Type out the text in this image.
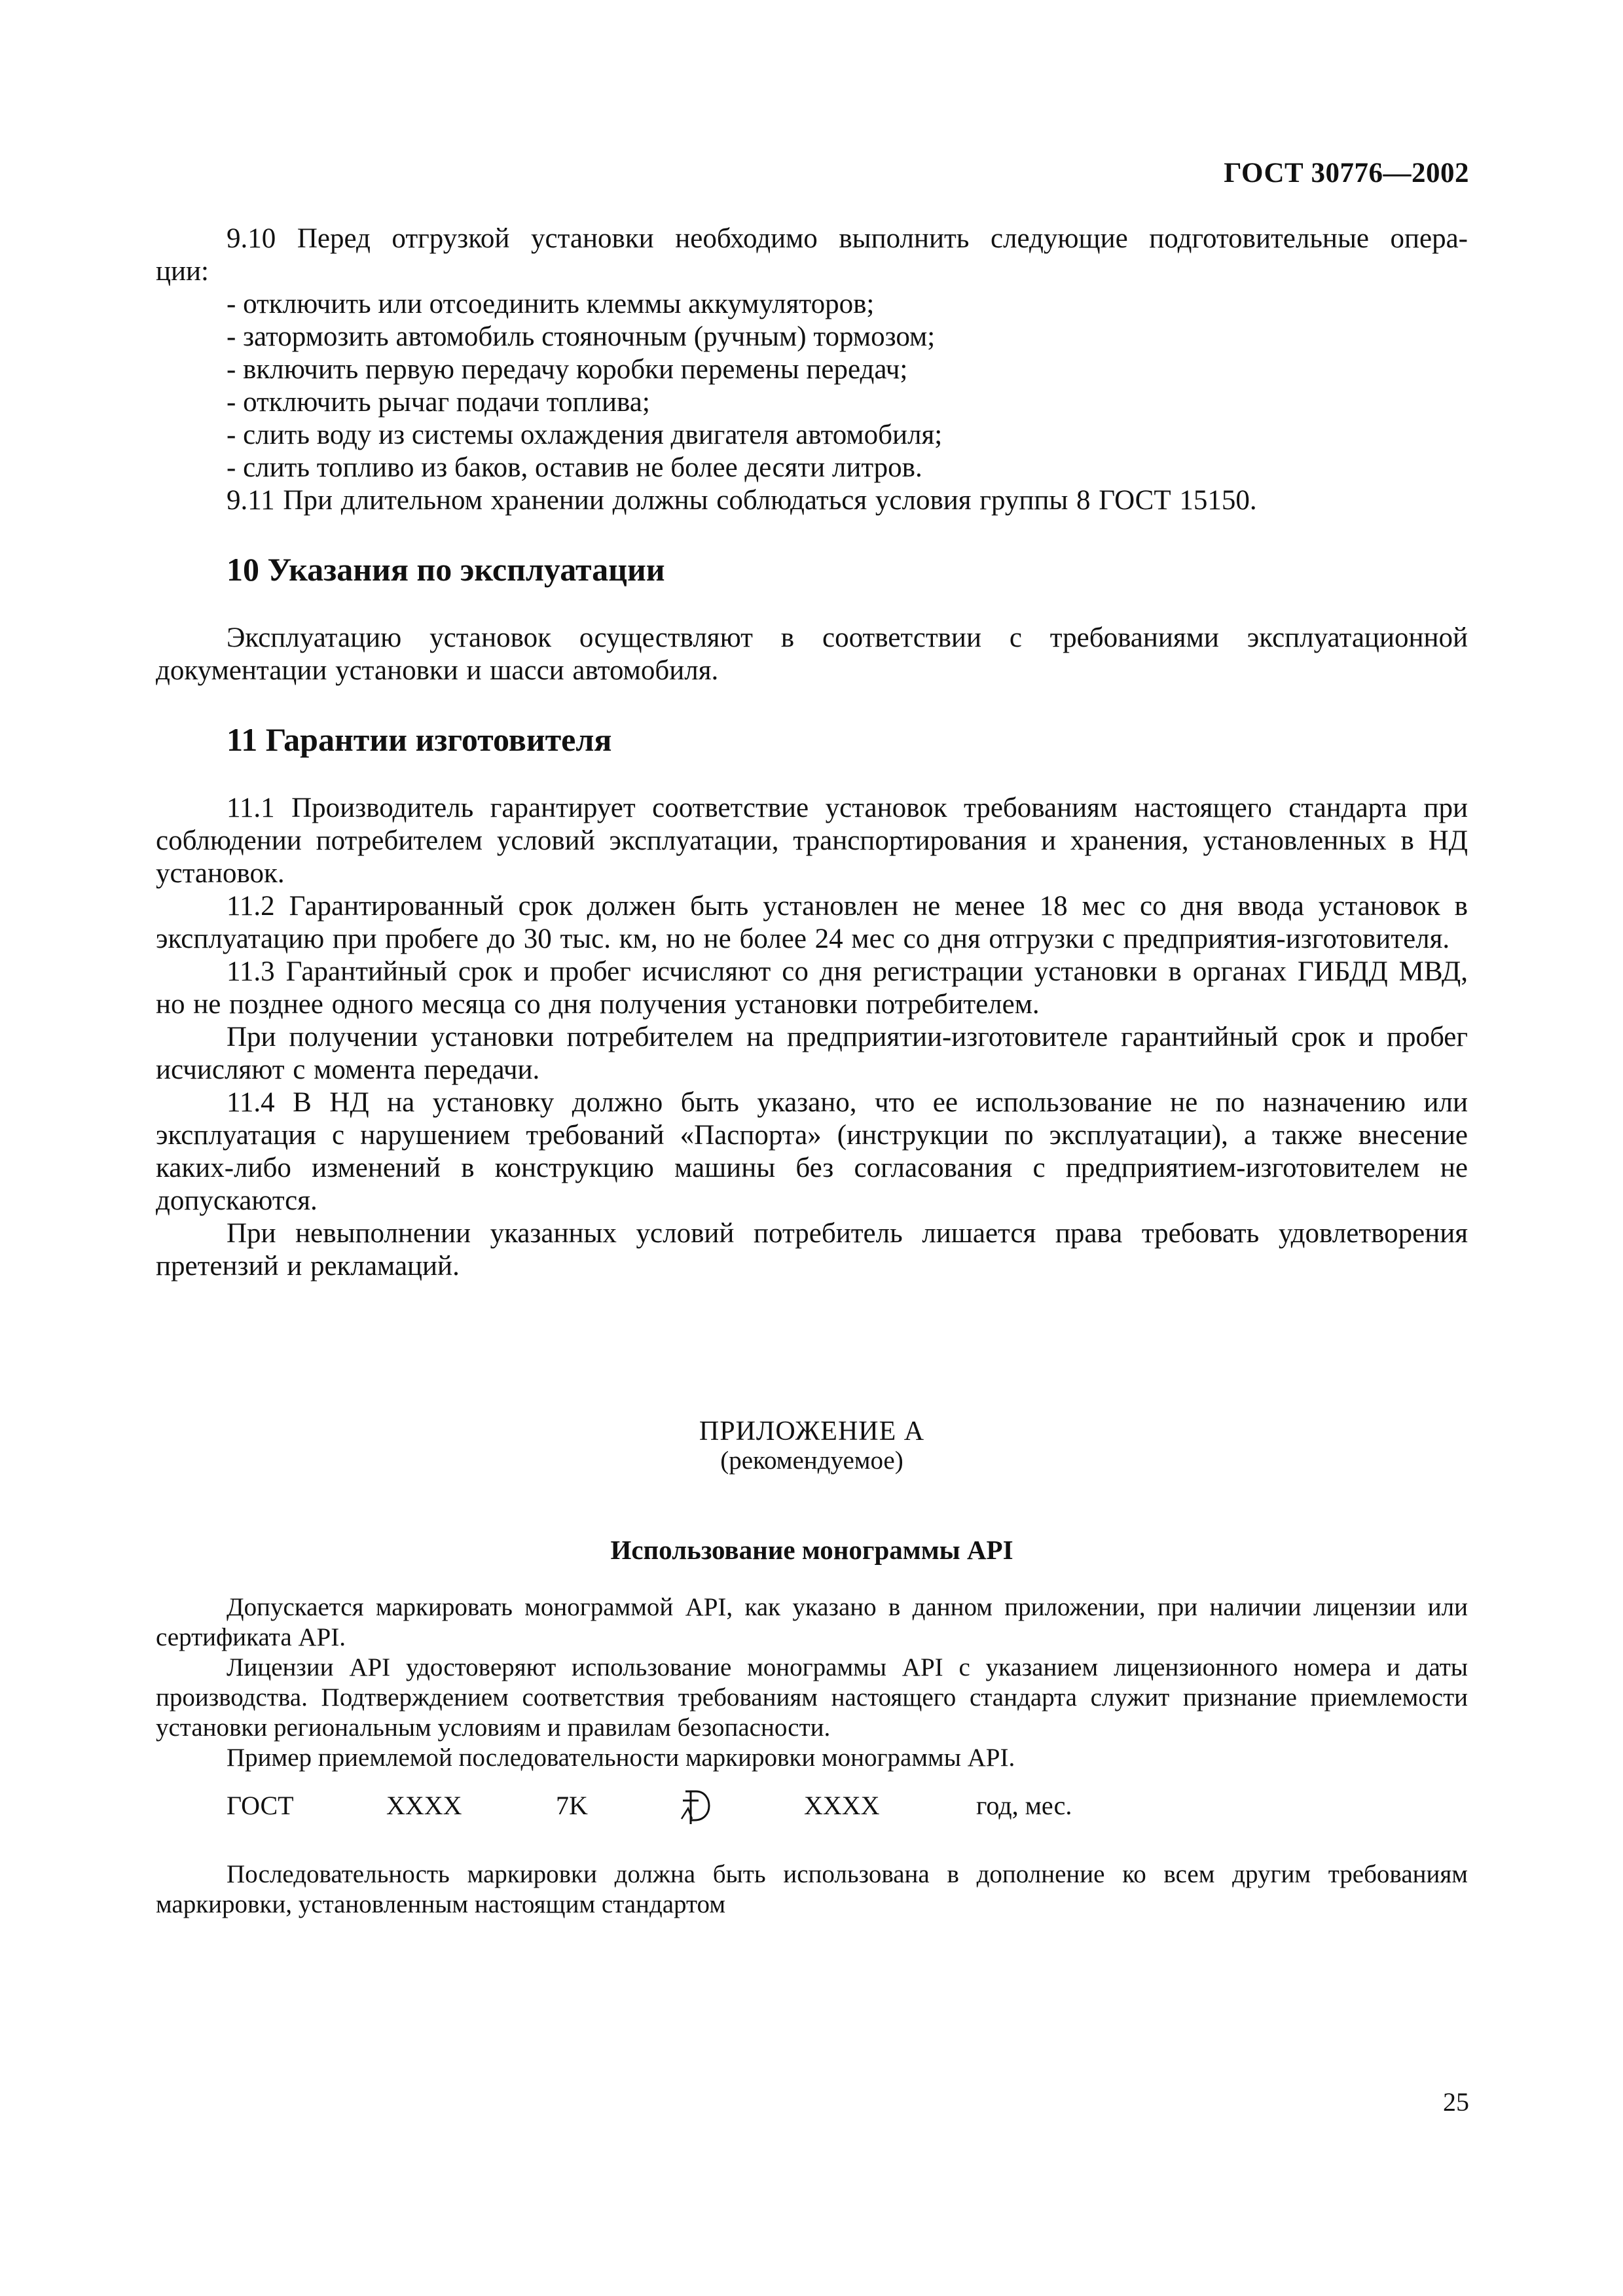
ГОСТ 30776—2002

9.10 Перед отгрузкой установки необходимо выполнить следующие подготовительные опера-

ции:

- отключить или отсоединить клеммы аккумуляторов;

- затормозить автомобиль стояночным (ручным) тормозом;

- включить первую передачу коробки перемены передач;

- отключить рычаг подачи топлива;

- слить воду из системы охлаждения двигателя автомобиля;

- слить топливо из баков, оставив не более десяти литров.

9.11 При длительном хранении должны соблюдаться условия группы 8 ГОСТ 15150.

10 Указания по эксплуатации

Эксплуатацию установок осуществляют в соответствии с требованиями эксплуатационной документации установки и шасси автомобиля.

11 Гарантии изготовителя

11.1 Производитель гарантирует соответствие установок требованиям настоящего стандарта при соблюдении потребителем условий эксплуатации, транспортирования и хранения, установленных в НД установок.

11.2 Гарантированный срок должен быть установлен не менее 18 мес со дня ввода установок в эксплуатацию при пробеге до 30 тыс. км, но не более 24 мес со дня отгрузки с предприятия-изготовителя.

11.3 Гарантийный срок и пробег исчисляют со дня регистрации установки в органах ГИБДД МВД, но не позднее одного месяца со дня получения установки потребителем.

При получении установки потребителем на предприятии-изготовителе гарантийный срок и пробег исчисляют с момента передачи.

11.4 В НД на установку должно быть указано, что ее использование не по назначению или эксплуатация с нарушением требований «Паспорта» (инструкции по эксплуатации), а также внесение каких-либо изменений в конструкцию машины без согласования с предприятием-изготовителем не допускаются.

При невыполнении указанных условий потребитель лишается права требовать удовлетворения претензий и рекламаций.

ПРИЛОЖЕНИЕ А

(рекомендуемое)

Использование монограммы API

Допускается маркировать монограммой API, как указано в данном приложении, при наличии лицензии или сертификата API.

Лицензии API удостоверяют использование монограммы API с указанием лицензионного номера и даты производства. Подтверждением соответствия требованиям настоящего стандарта служит признание приемлемости установки региональным условиям и правилам безопасности.

Пример приемлемой последовательности маркировки монограммы API.

ГОСТ	XXXX	7K	XXXX	год, мес.

Последовательность маркировки должна быть использована в дополнение ко всем другим требованиям маркировки, установленным настоящим стандартом

25
